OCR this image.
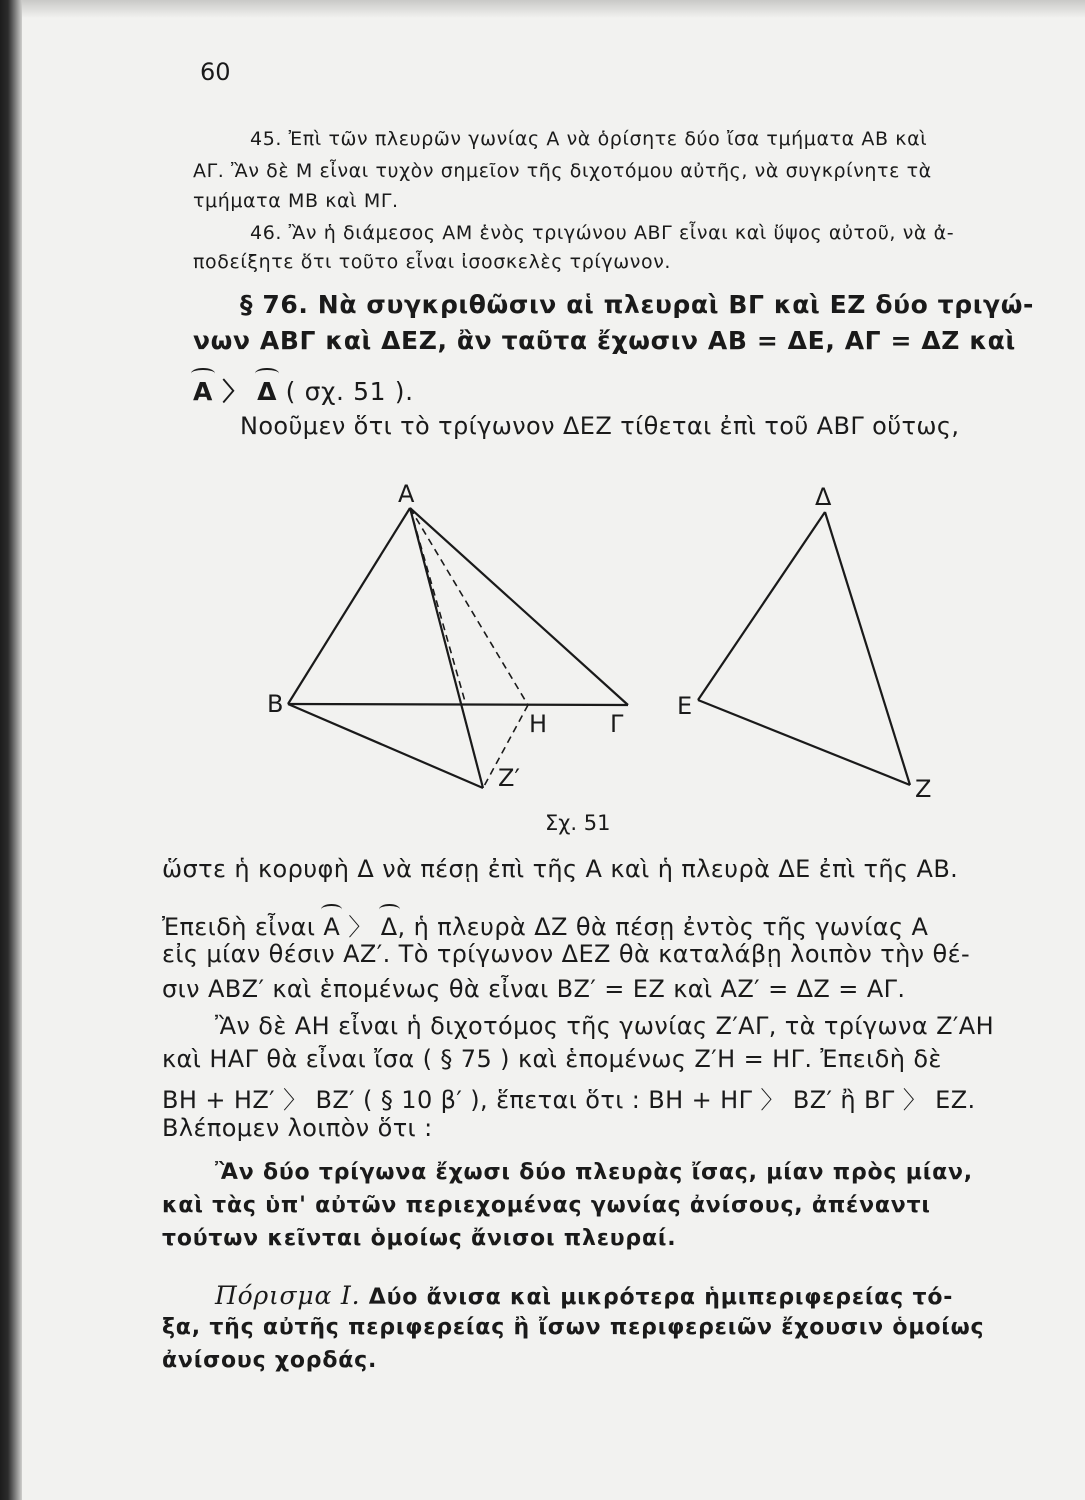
60
45. Ἐπὶ τῶν πλευρῶν γωνίας Α νὰ ὁρίσητε δύο ἴσα τμήματα ΑΒ καὶ
ΑΓ. Ἂν δὲ Μ εἶναι τυχὸν σημεῖον τῆς διχοτόμου αὐτῆς, νὰ συγκρίνητε τὰ
τμήματα ΜΒ καὶ ΜΓ.
46. Ἂν ἡ διάμεσος ΑΜ ἑνὸς τριγώνου ΑΒΓ εἶναι καὶ ὕψος αὐτοῦ, νὰ ἀ-
ποδείξητε ὅτι τοῦτο εἶναι ἰσοσκελὲς τρίγωνον.
§ 76. Νὰ συγκριθῶσιν αἱ πλευραὶ ΒΓ καὶ ΕΖ δύο τριγώ-
νων ΑΒΓ καὶ ΔΕΖ, ἂν ταῦτα ἔχωσιν ΑΒ = ΔΕ, ΑΓ = ΔΖ καὶ
Α 〉 Δ ( σχ. 51 ).
Νοοῦμεν ὅτι τὸ τρίγωνον ΔΕΖ τίθεται ἐπὶ τοῦ ΑΒΓ οὕτως,
Α
Β
Η	Γ
Ζ′
Δ
Ε
Ζ
Σχ. 51
ὥστε ἡ κορυφὴ Δ νὰ πέσῃ ἐπὶ τῆς Α καὶ ἡ πλευρὰ ΔΕ ἐπὶ τῆς ΑΒ.
Ἐπειδὴ εἶναι Α 〉 Δ, ἡ πλευρὰ ΔΖ θὰ πέσῃ ἐντὸς τῆς γωνίας Α
εἰς μίαν θέσιν ΑΖ′. Τὸ τρίγωνον ΔΕΖ θὰ καταλάβῃ λοιπὸν τὴν θέ-
σιν ΑΒΖ′ καὶ ἑπομένως θὰ εἶναι ΒΖ′ = ΕΖ καὶ ΑΖ′ = ΔΖ = ΑΓ.
Ἂν δὲ ΑΗ εἶναι ἡ διχοτόμος τῆς γωνίας Ζ′ΑΓ, τὰ τρίγωνα Ζ′ΑΗ
καὶ ΗΑΓ θὰ εἶναι ἴσα ( § 75 ) καὶ ἑπομένως Ζ′Η = ΗΓ. Ἐπειδὴ δὲ
ΒΗ + ΗΖ′ 〉 ΒΖ′ ( § 10 β′ ), ἕπεται ὅτι : ΒΗ + ΗΓ 〉 ΒΖ′ ἢ ΒΓ 〉 ΕΖ.
Βλέπομεν λοιπὸν ὅτι :
Ἂν δύο τρίγωνα ἔχωσι δύο πλευρὰς ἴσας, μίαν πρὸς μίαν,
καὶ τὰς ὑπ' αὐτῶν περιεχομένας γωνίας ἀνίσους, ἀπέναντι
τούτων κεῖνται ὁμοίως ἄνισοι πλευραί.
Πόρισμα Ι. Δύο ἄνισα καὶ μικρότερα ἡμιπεριφερείας τό-
ξα, τῆς αὐτῆς περιφερείας ἢ ἴσων περιφερειῶν ἔχουσιν ὁμοίως
ἀνίσους χορδάς.
